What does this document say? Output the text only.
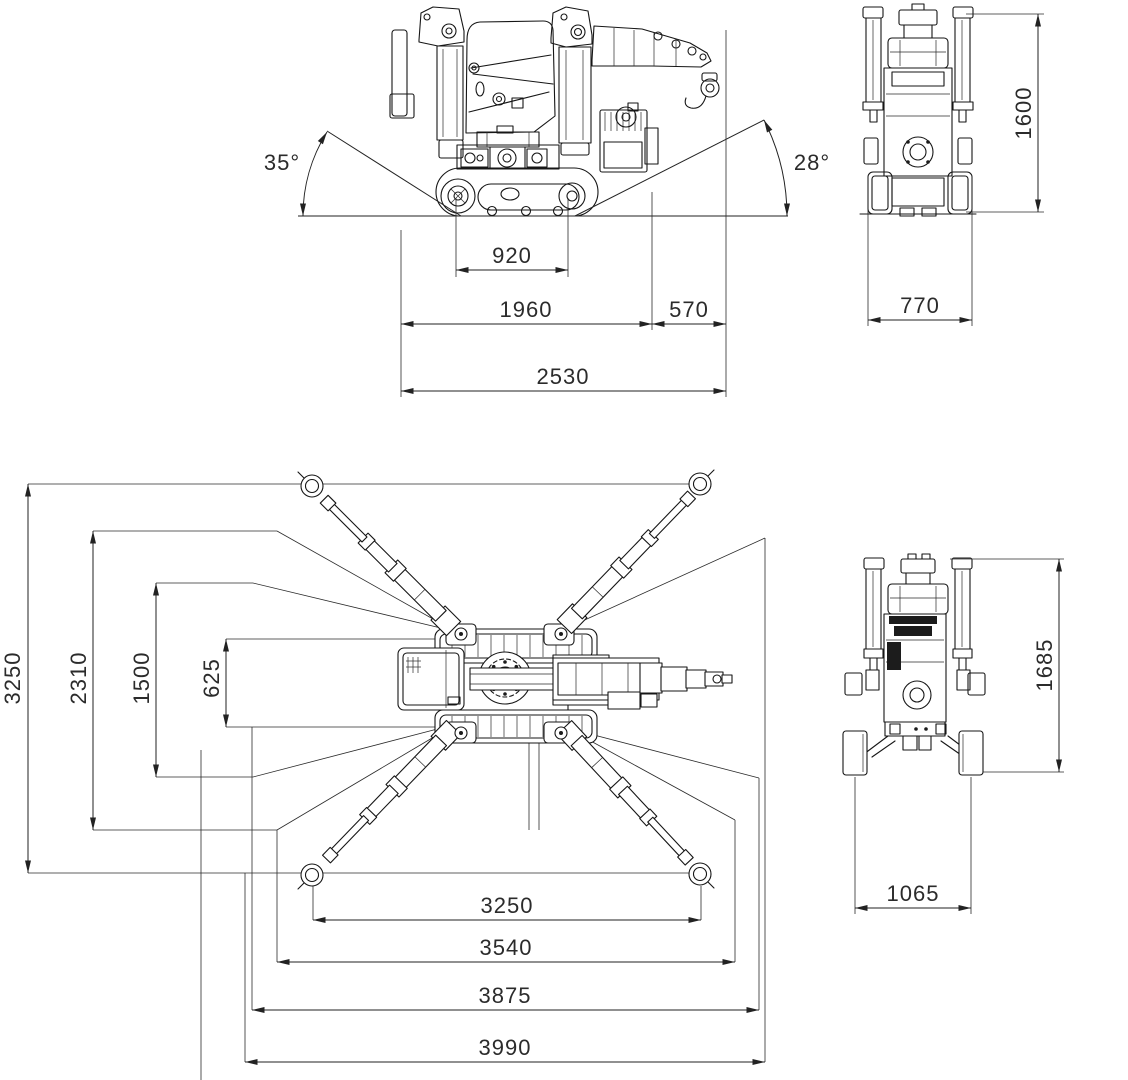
35°	28°
920
1960	570
2530
1600
770
3250 2310 1500 625
3250
3540
3875
3990
1685
1065
